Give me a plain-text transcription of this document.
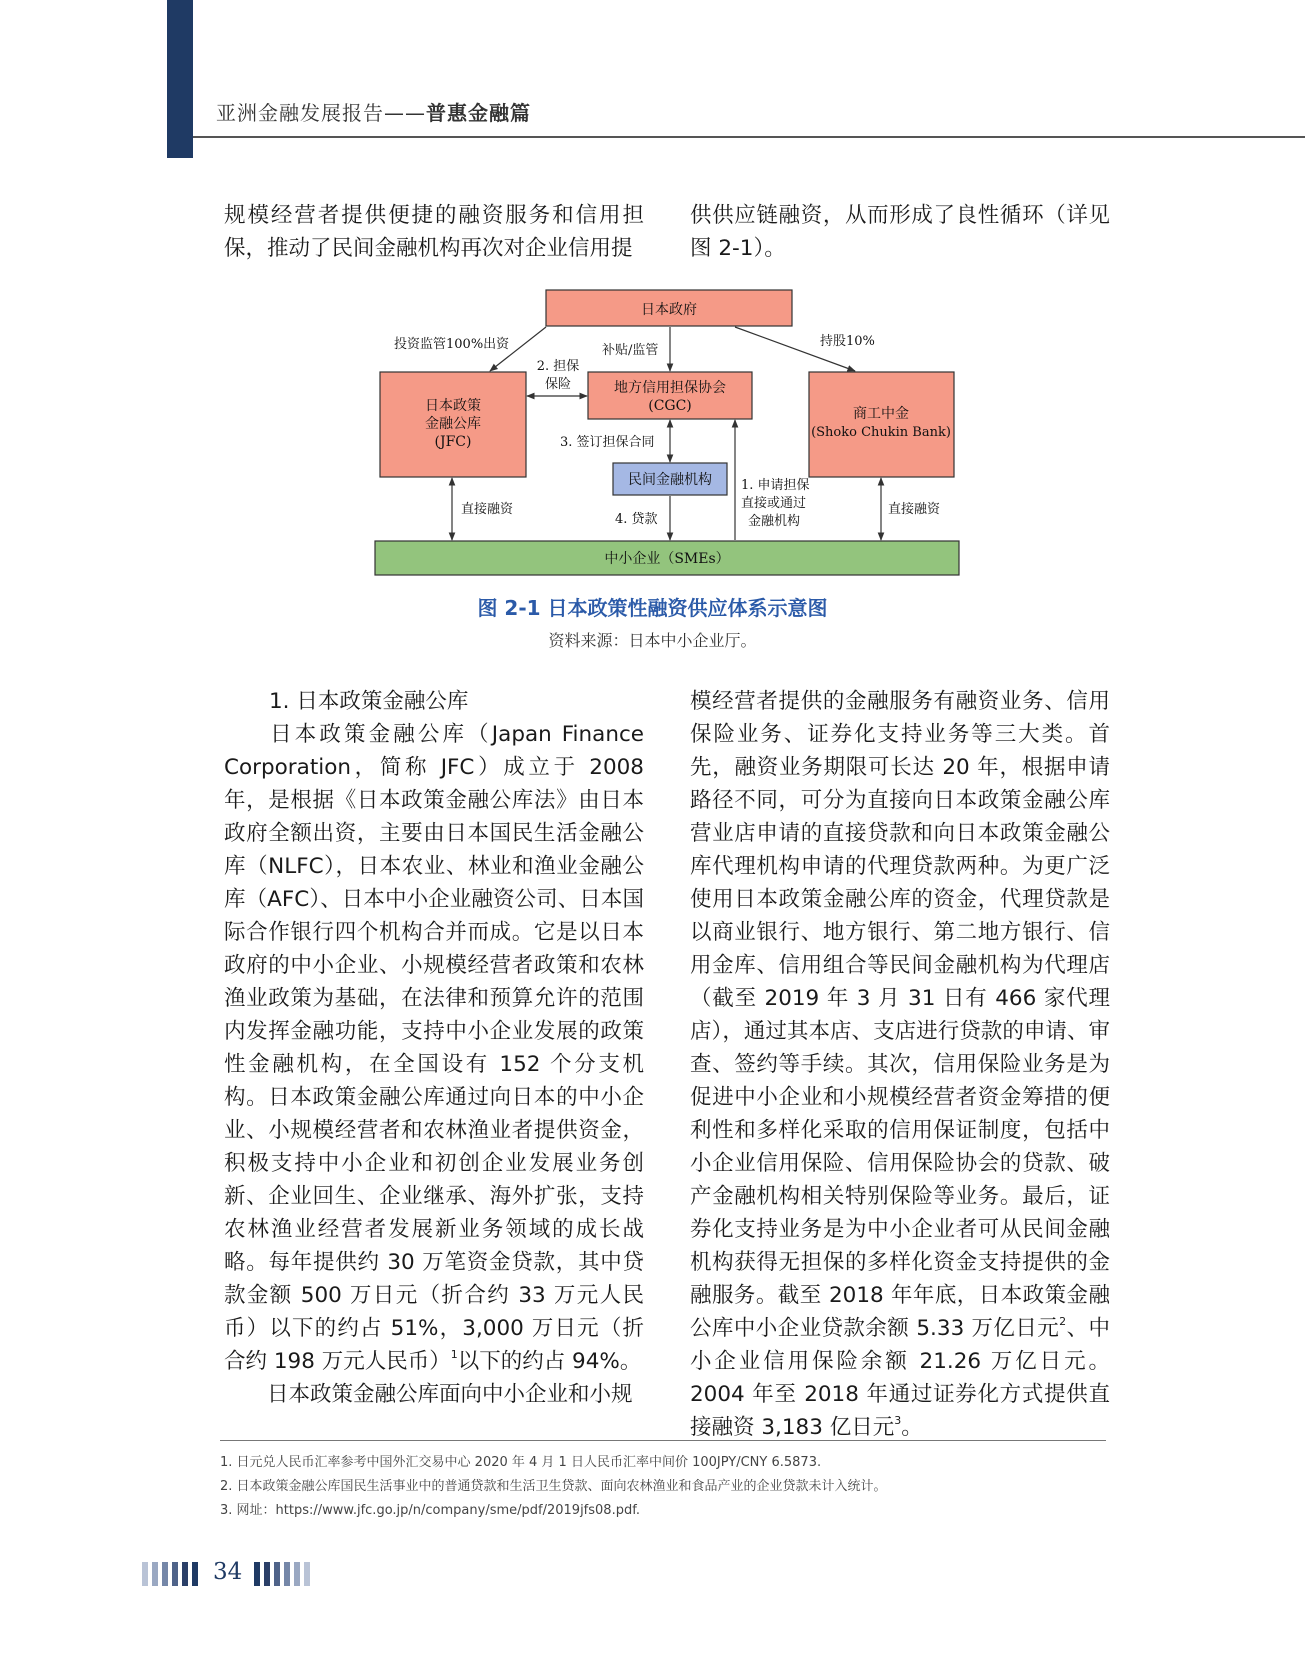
亚洲金融发展报告——普惠金融篇

规模经营者提供便捷的融资服务和信用担保，推动了民间金融机构再次对企业信用提

供供应链融资，从而形成了良性循环（详见图 2-1）。

日本政府
日本政策
金融公库
(JFC)
地方信用担保协会
(CGC)
民间金融机构
商工中金
(Shoko Chukin Bank)
中小企业（SMEs）
投资监管100%出资	补贴/监管
持股10%
2. 担保
保险
3. 签订担保合同
1. 申请担保
直接或通过
金融机构
4. 贷款
直接融资	直接融资
图 2-1 日本政策性融资供应体系示意图
资料来源：日本中小企业厅。
1. 日本政策金融公库

日本政策金融公库（Japan Finance Corporation，简称 JFC）成立于 2008 年，是根据《日本政策金融公库法》由日本政府全额出资，主要由日本国民生活金融公库（NLFC），日本农业、林业和渔业金融公库（AFC）、日本中小企业融资公司、日本国际合作银行四个机构合并而成。它是以日本政府的中小企业、小规模经营者政策和农林渔业政策为基础，在法律和预算允许的范围内发挥金融功能，支持中小企业发展的政策性金融机构，在全国设有 152 个分支机构。日本政策金融公库通过向日本的中小企业、小规模经营者和农林渔业者提供资金，积极支持中小企业和初创企业发展业务创新、企业回生、企业继承、海外扩张，支持农林渔业经营者发展新业务领域的成长战略。每年提供约 30 万笔资金贷款，其中贷款金额 500 万日元（折合约 33 万元人民币）以下的约占 51%，3,000 万日元（折合约 198 万元人民币）$^1$以下的约占 94%。

日本政策金融公库面向中小企业和小规

模经营者提供的金融服务有融资业务、信用保险业务、证券化支持业务等三大类。首先，融资业务期限可长达 20 年，根据申请路径不同，可分为直接向日本政策金融公库营业店申请的直接贷款和向日本政策金融公库代理机构申请的代理贷款两种。为更广泛使用日本政策金融公库的资金，代理贷款是以商业银行、地方银行、第二地方银行、信用金库、信用组合等民间金融机构为代理店（截至 2019 年 3 月 31 日有 466 家代理店），通过其本店、支店进行贷款的申请、审查、签约等手续。其次，信用保险业务是为促进中小企业和小规模经营者资金筹措的便利性和多样化采取的信用保证制度，包括中小企业信用保险、信用保险协会的贷款、破产金融机构相关特别保险等业务。最后，证券化支持业务是为中小企业者可从民间金融机构获得无担保的多样化资金支持提供的金融服务。截至 2018 年年底，日本政策金融公库中小企业贷款余额 5.33 万亿日元$^2$、中小企业信用保险余额 21.26 万亿日元。2004 年至 2018 年通过证券化方式提供直接融资 3,183 亿日元$^3$。

1. 日元兑人民币汇率参考中国外汇交易中心 2020 年 4 月 1 日人民币汇率中间价 100JPY/CNY 6.5873.
2. 日本政策金融公库国民生活事业中的普通贷款和生活卫生贷款、面向农林渔业和食品产业的企业贷款未计入统计。
3. 网址：https://www.jfc.go.jp/n/company/sme/pdf/2019jfs08.pdf.
34
